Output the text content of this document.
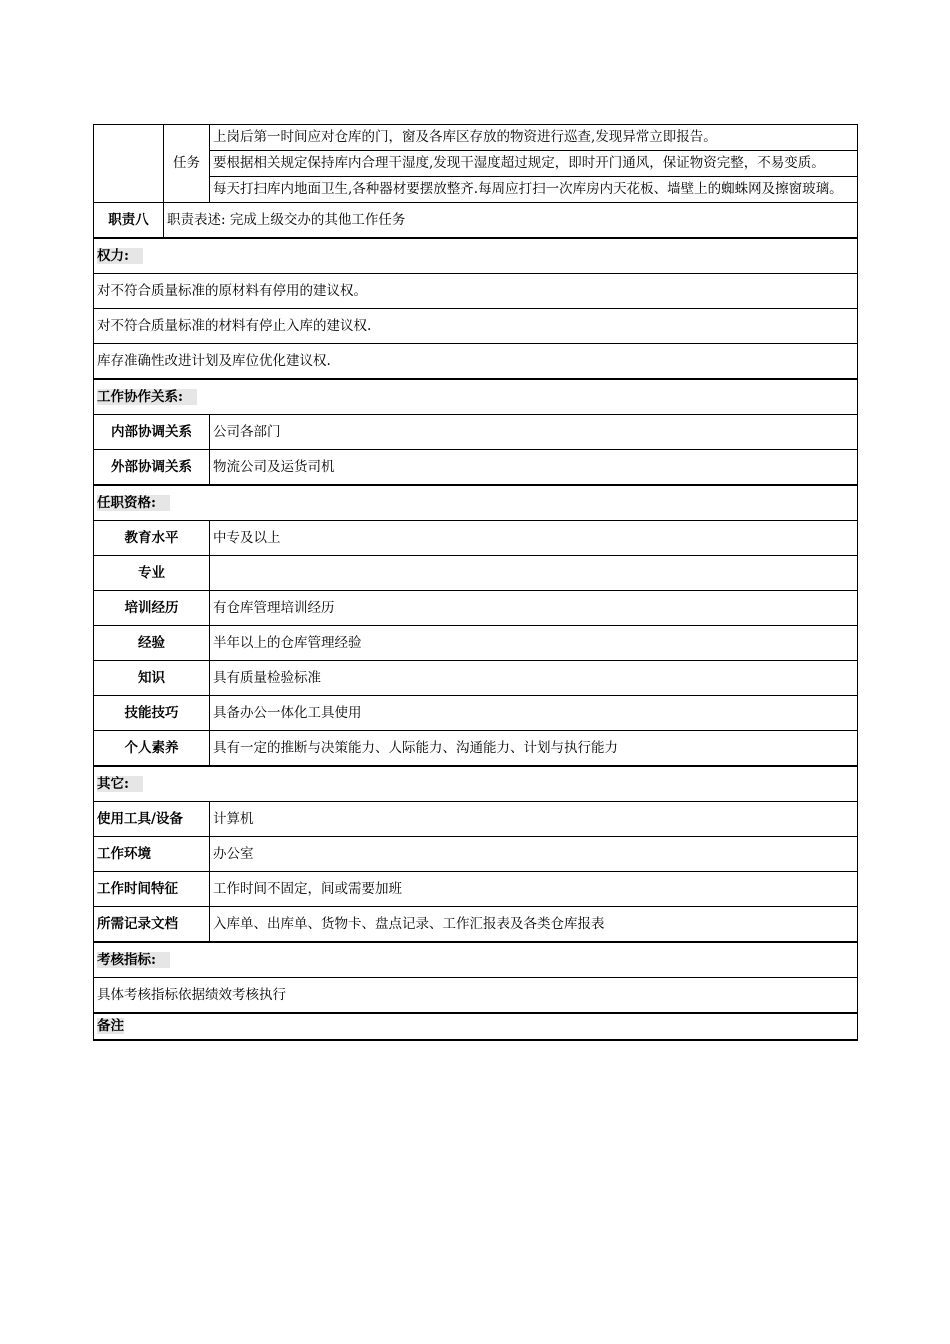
	任务	上岗后第一时间应对仓库的门，窗及各库区存放的物资进行巡查,发现异常立即报告。
		要根据相关规定保持库内合理干湿度,发现干湿度超过规定，即时开门通风，保证物资完整，不易变质。
		每天打扫库内地面卫生,各种器材要摆放整齐.每周应打扫一次库房内天花板、墙壁上的蜘蛛网及擦窗玻璃。
职责八	职责表述: 完成上级交办的其他工作任务	
权力:		
对不符合质量标准的原材料有停用的建议权。		
对不符合质量标准的材料有停止入库的建议权.		
库存准确性改进计划及库位优化建议权.		
工作协作关系:		
内部协调关系		公司各部门
外部协调关系		物流公司及运货司机
任职资格:		
教育水平		中专及以上
专业		
培训经历		有仓库管理培训经历
经验		半年以上的仓库管理经验
知识		具有质量检验标准
技能技巧		具备办公一体化工具使用
个人素养		具有一定的推断与决策能力、人际能力、沟通能力、计划与执行能力
其它:		
使用工具/设备		计算机
工作环境		办公室
工作时间特征		工作时间不固定，间或需要加班
所需记录文档		入库单、出库单、货物卡、盘点记录、工作汇报表及各类仓库报表
考核指标:		
具体考核指标依据绩效考核执行		
备注		
